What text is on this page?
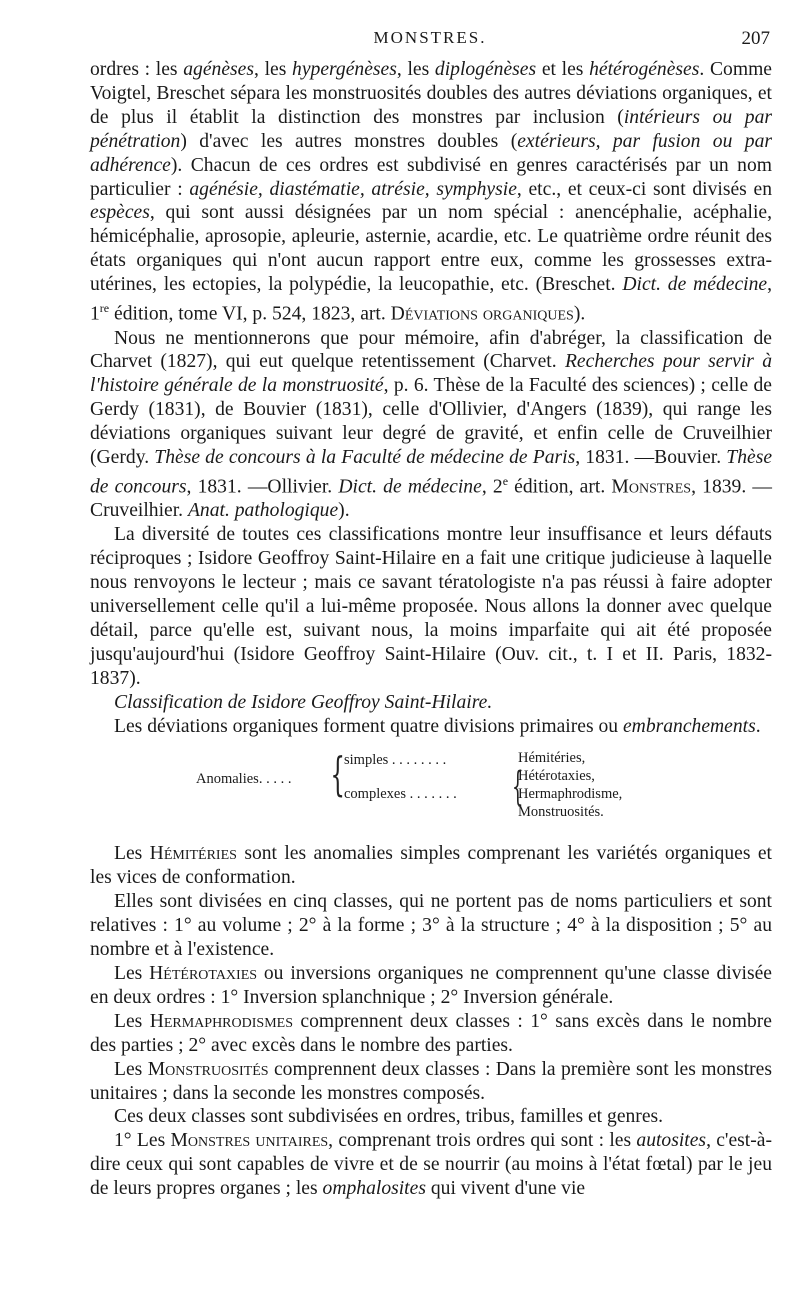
MONSTRES.	207

ordres : les agénèses, les hypergénèses, les diplogénèses et les hétérogénèses. Comme Voigtel, Breschet sépara les monstruosités doubles des autres déviations organiques, et de plus il établit la distinction des monstres par inclusion (intérieurs ou par pénétration) d'avec les autres monstres doubles (extérieurs, par fusion ou par adhérence). Chacun de ces ordres est subdivisé en genres caractérisés par un nom particulier : agénésie, diastématie, atrésie, symphysie, etc., et ceux-ci sont divisés en espèces, qui sont aussi désignées par un nom spécial : anencéphalie, acéphalie, hémicéphalie, aprosopie, apleurie, asternie, acardie, etc. Le quatrième ordre réunit des états organiques qui n'ont aucun rapport entre eux, comme les grossesses extra-utérines, les ectopies, la polypédie, la leucopathie, etc. (Breschet. Dict. de médecine, 1re édition, tome VI, p. 524, 1823, art. Déviations organiques).

Nous ne mentionnerons que pour mémoire, afin d'abréger, la classification de Charvet (1827), qui eut quelque retentissement (Charvet. Recherches pour servir à l'histoire générale de la monstruosité, p. 6. Thèse de la Faculté des sciences) ; celle de Gerdy (1831), de Bouvier (1831), celle d'Ollivier, d'Angers (1839), qui range les déviations organiques suivant leur degré de gravité, et enfin celle de Cruveilhier (Gerdy. Thèse de concours à la Faculté de médecine de Paris, 1831. —Bouvier. Thèse de concours, 1831. —Ollivier. Dict. de médecine, 2e édition, art. Monstres, 1839. — Cruveilhier. Anat. pathologique).

La diversité de toutes ces classifications montre leur insuffisance et leurs défauts réciproques ; Isidore Geoffroy Saint-Hilaire en a fait une critique judicieuse à laquelle nous renvoyons le lecteur ; mais ce savant tératologiste n'a pas réussi à faire adopter universellement celle qu'il a lui-même proposée. Nous allons la donner avec quelque détail, parce qu'elle est, suivant nous, la moins imparfaite qui ait été proposée jusqu'aujourd'hui (Isidore Geoffroy Saint-Hilaire (Ouv. cit., t. I et II. Paris, 1832-1837).

Classification de Isidore Geoffroy Saint-Hilaire.

Les déviations organiques forment quatre divisions primaires ou embranchements.

Anomalies. . . . . { simples . . . . . . . .
complexes . . . . . . . {
Hémitéries,
Hétérotaxies,
Hermaphrodisme,
Monstruosités.

Les Hémitéries sont les anomalies simples comprenant les variétés organiques et les vices de conformation.

Elles sont divisées en cinq classes, qui ne portent pas de noms particuliers et sont relatives : 1° au volume ; 2° à la forme ; 3° à la structure ; 4° à la disposition ; 5° au nombre et à l'existence.

Les Hétérotaxies ou inversions organiques ne comprennent qu'une classe divisée en deux ordres : 1° Inversion splanchnique ; 2° Inversion générale.

Les Hermaphrodismes comprennent deux classes : 1° sans excès dans le nombre des parties ; 2° avec excès dans le nombre des parties.

Les Monstruosités comprennent deux classes : Dans la première sont les monstres unitaires ; dans la seconde les monstres composés.

Ces deux classes sont subdivisées en ordres, tribus, familles et genres.

1° Les Monstres unitaires, comprenant trois ordres qui sont : les autosites, c'est-à-dire ceux qui sont capables de vivre et de se nourrir (au moins à l'état fœtal) par le jeu de leurs propres organes ; les omphalosites qui vivent d'une vie
